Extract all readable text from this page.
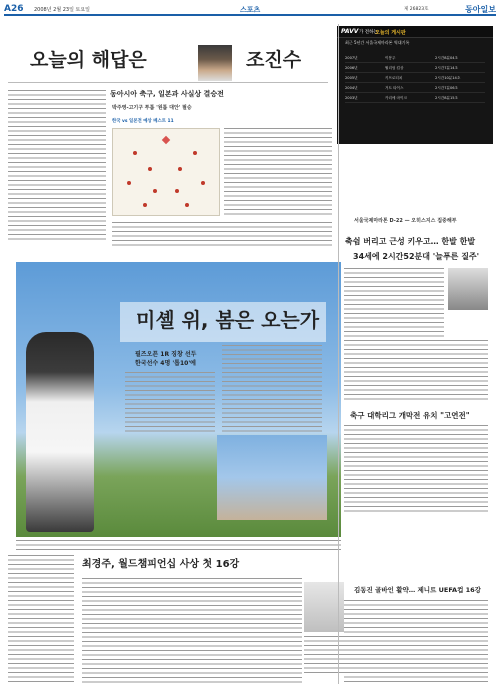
A26 2008년 2월 23일 토요일	스포츠	제 26823호	동아일보
오늘의 해답은	조진수
동아시아 축구, 일본과 사실상 결승전
박주영-고기구 투톱 '원톱 대안' 필승
한국 vs 일본전 예상 베스트 11
PAVV 가 전하는
오늘의 게시판
최근 5년간 서울국제마라톤 역대기록
2007년	이봉주	2시간8분04초
2006년	윌리엄 킵상	2시간7분14초
2005년	키프로티치	2시간10분14초
2004년	거트 타이스	2시간7분06초
2003년	카리에 마이크	2시간8분15초
서울국제마라톤 D-22 — 오히스지스 집중해부
축쉼 버리고 근성 키우고… 한발 한발
34세에 2시간52분대 '늘푸른 질주'
미셸 위, 봄은 오는가
필즈오픈 1R 징창 선두
한국선수 4명 '톱10'에
축구 대학리그 개막전 유치 "고연전"
최경주, 월드챔피언십 사상 첫 16강
김동진 골바인 활약… 제니트 UEFA컵 16강
